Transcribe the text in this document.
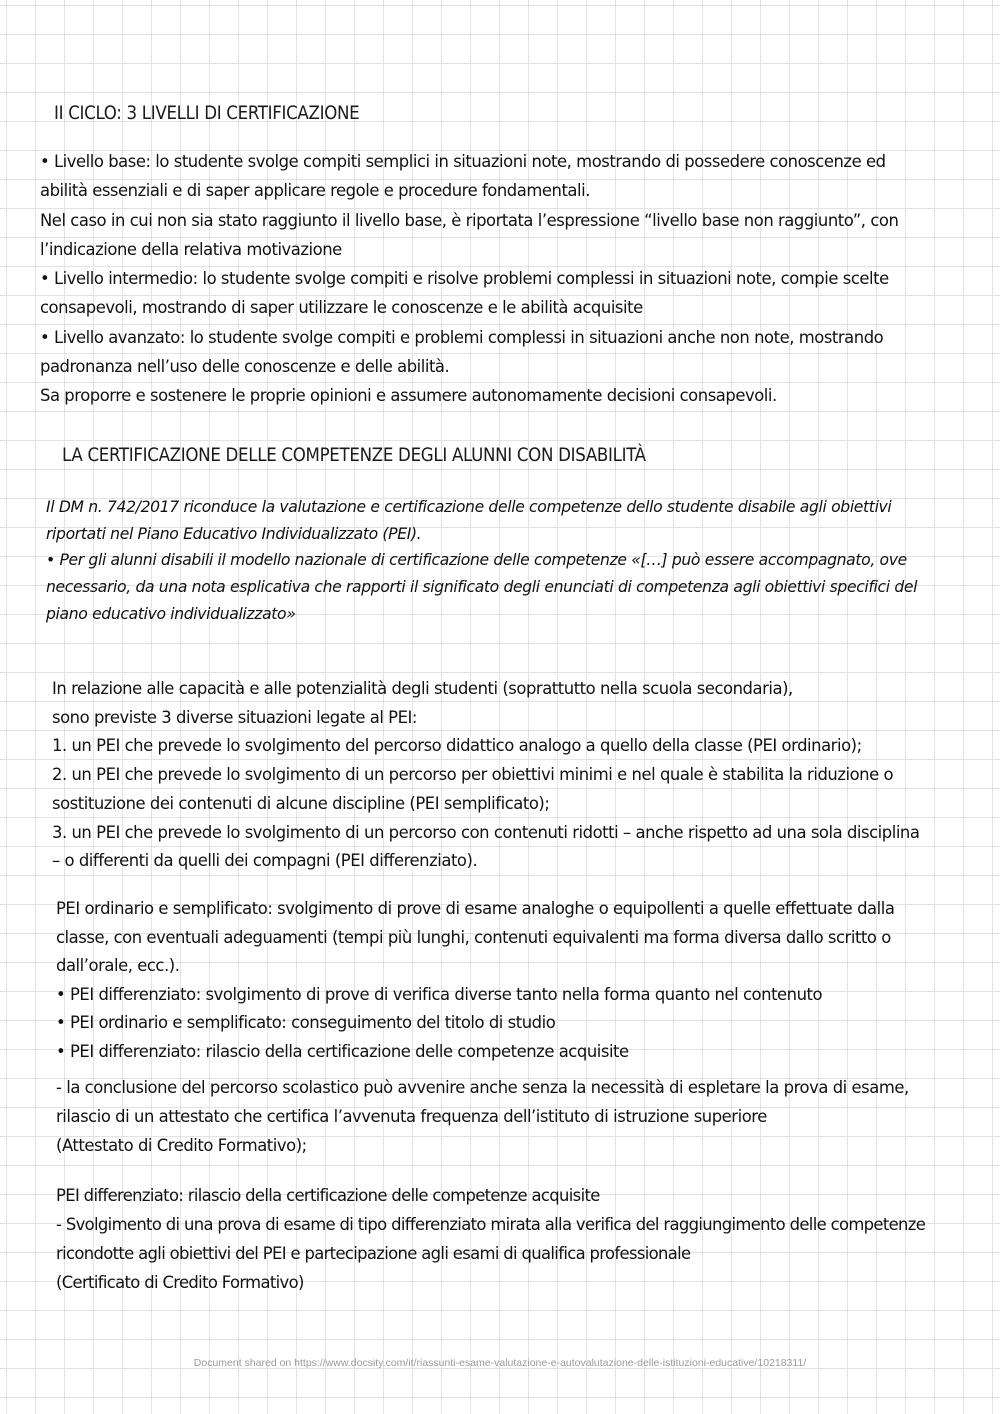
II CICLO: 3 LIVELLI DI CERTIFICAZIONE

• Livello base: lo studente svolge compiti semplici in situazioni note, mostrando di possedere conoscenze ed

abilità essenziali e di saper applicare regole e procedure fondamentali.

Nel caso in cui non sia stato raggiunto il livello base, è riportata l’espressione “livello base non raggiunto”, con

l’indicazione della relativa motivazione

• Livello intermedio: lo studente svolge compiti e risolve problemi complessi in situazioni note, compie scelte

consapevoli, mostrando di saper utilizzare le conoscenze e le abilità acquisite

• Livello avanzato: lo studente svolge compiti e problemi complessi in situazioni anche non note, mostrando

padronanza nell’uso delle conoscenze e delle abilità.

Sa proporre e sostenere le proprie opinioni e assumere autonomamente decisioni consapevoli.

LA CERTIFICAZIONE DELLE COMPETENZE DEGLI ALUNNI CON DISABILITÀ

Il DM n. 742/2017 riconduce la valutazione e certificazione delle competenze dello studente disabile agli obiettivi

riportati nel Piano Educativo Individualizzato (PEI).

• Per gli alunni disabili il modello nazionale di certificazione delle competenze «[…] può essere accompagnato, ove

necessario, da una nota esplicativa che rapporti il significato degli enunciati di competenza agli obiettivi specifici del

piano educativo individualizzato»

In relazione alle capacità e alle potenzialità degli studenti (soprattutto nella scuola secondaria),

sono previste 3 diverse situazioni legate al PEI:

1. un PEI che prevede lo svolgimento del percorso didattico analogo a quello della classe (PEI ordinario);

2. un PEI che prevede lo svolgimento di un percorso per obiettivi minimi e nel quale è stabilita la riduzione o

sostituzione dei contenuti di alcune discipline (PEI semplificato);

3. un PEI che prevede lo svolgimento di un percorso con contenuti ridotti – anche rispetto ad una sola disciplina

– o differenti da quelli dei compagni (PEI differenziato).

PEI ordinario e semplificato: svolgimento di prove di esame analoghe o equipollenti a quelle effettuate dalla

classe, con eventuali adeguamenti (tempi più lunghi, contenuti equivalenti ma forma diversa dallo scritto o

dall’orale, ecc.).

• PEI differenziato: svolgimento di prove di verifica diverse tanto nella forma quanto nel contenuto

• PEI ordinario e semplificato: conseguimento del titolo di studio

• PEI differenziato: rilascio della certificazione delle competenze acquisite

- la conclusione del percorso scolastico può avvenire anche senza la necessità di espletare la prova di esame,

rilascio di un attestato che certifica l’avvenuta frequenza dell’istituto di istruzione superiore

(Attestato di Credito Formativo);

PEI differenziato: rilascio della certificazione delle competenze acquisite

- Svolgimento di una prova di esame di tipo differenziato mirata alla verifica del raggiungimento delle competenze

ricondotte agli obiettivi del PEI e partecipazione agli esami di qualifica professionale

(Certificato di Credito Formativo)

Document shared on https://www.docsity.com/it/riassunti-esame-valutazione-e-autovalutazione-delle-istituzioni-educative/10218311/
